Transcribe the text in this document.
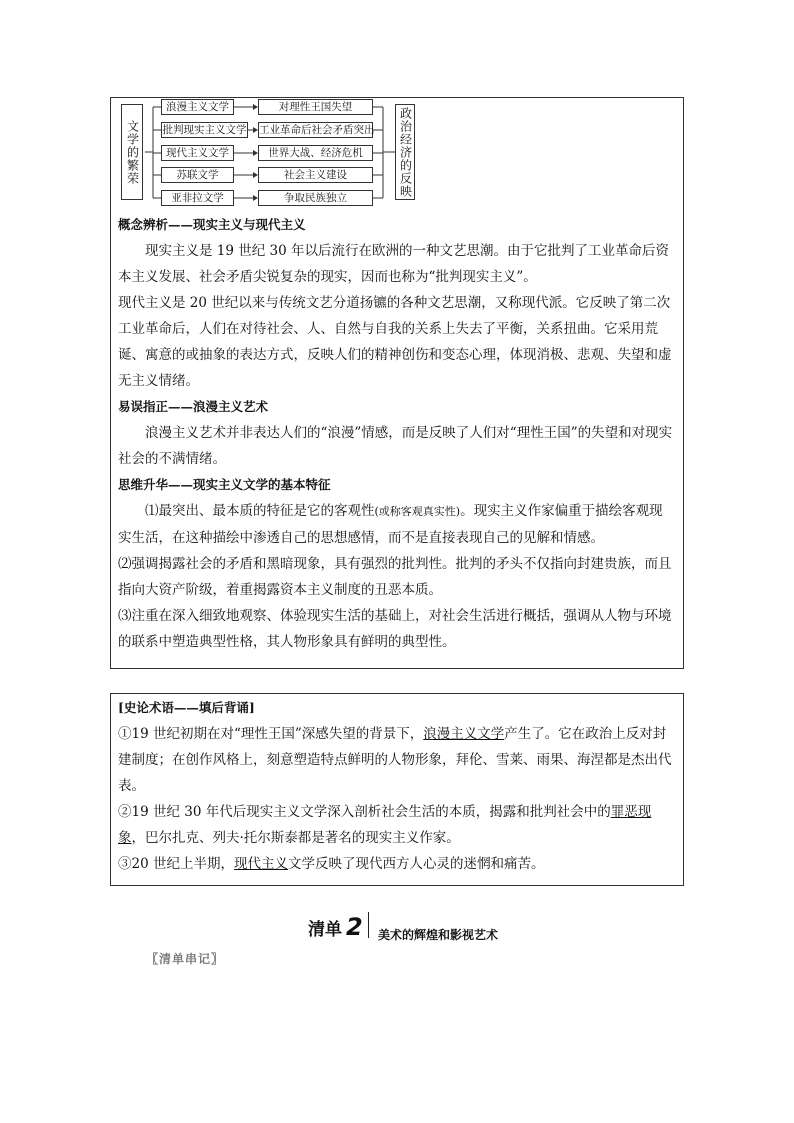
文学的繁荣
浪漫主义文学
批判现实主义文学
现代主义文学
苏联文学
亚非拉文学
对理性王国失望
工业革命后社会矛盾突出
世界大战、经济危机
社会主义建设
争取民族独立
政治经济的反映

概念辨析——现实主义与现代主义

现实主义是 19 世纪 30 年以后流行在欧洲的一种文艺思潮。由于它批判了工业革命后资本主义发展、社会矛盾尖锐复杂的现实，因而也称为“批判现实主义”。

现代主义是 20 世纪以来与传统文艺分道扬镳的各种文艺思潮，又称现代派。它反映了第二次工业革命后，人们在对待社会、人、自然与自我的关系上失去了平衡，关系扭曲。它采用荒诞、寓意的或抽象的表达方式，反映人们的精神创伤和变态心理，体现消极、悲观、失望和虚无主义情绪。

易误指正——浪漫主义艺术

浪漫主义艺术并非表达人们的“浪漫”情感，而是反映了人们对“理性王国”的失望和对现实社会的不满情绪。

思维升华——现实主义文学的基本特征

⑴最突出、最本质的特征是它的客观性(或称客观真实性)。现实主义作家偏重于描绘客观现实生活，在这种描绘中渗透自己的思想感情，而不是直接表现自己的见解和情感。

⑵强调揭露社会的矛盾和黑暗现象，具有强烈的批判性。批判的矛头不仅指向封建贵族，而且指向大资产阶级，着重揭露资本主义制度的丑恶本质。

⑶注重在深入细致地观察、体验现实生活的基础上，对社会生活进行概括，强调从人物与环境的联系中塑造典型性格，其人物形象具有鲜明的典型性。

[史论术语——填后背诵]

①19 世纪初期在对“理性王国”深感失望的背景下，浪漫主义文学产生了。它在政治上反对封建制度；在创作风格上，刻意塑造特点鲜明的人物形象，拜伦、雪莱、雨果、海涅都是杰出代表。

②19 世纪 30 年代后现实主义文学深入剖析社会生活的本质，揭露和批判社会中的罪恶现象，巴尔扎克、列夫·托尔斯泰都是著名的现实主义作家。

③20 世纪上半期，现代主义文学反映了现代西方人心灵的迷惘和痛苦。

清单 2 美术的辉煌和影视艺术
〖清单串记〗
